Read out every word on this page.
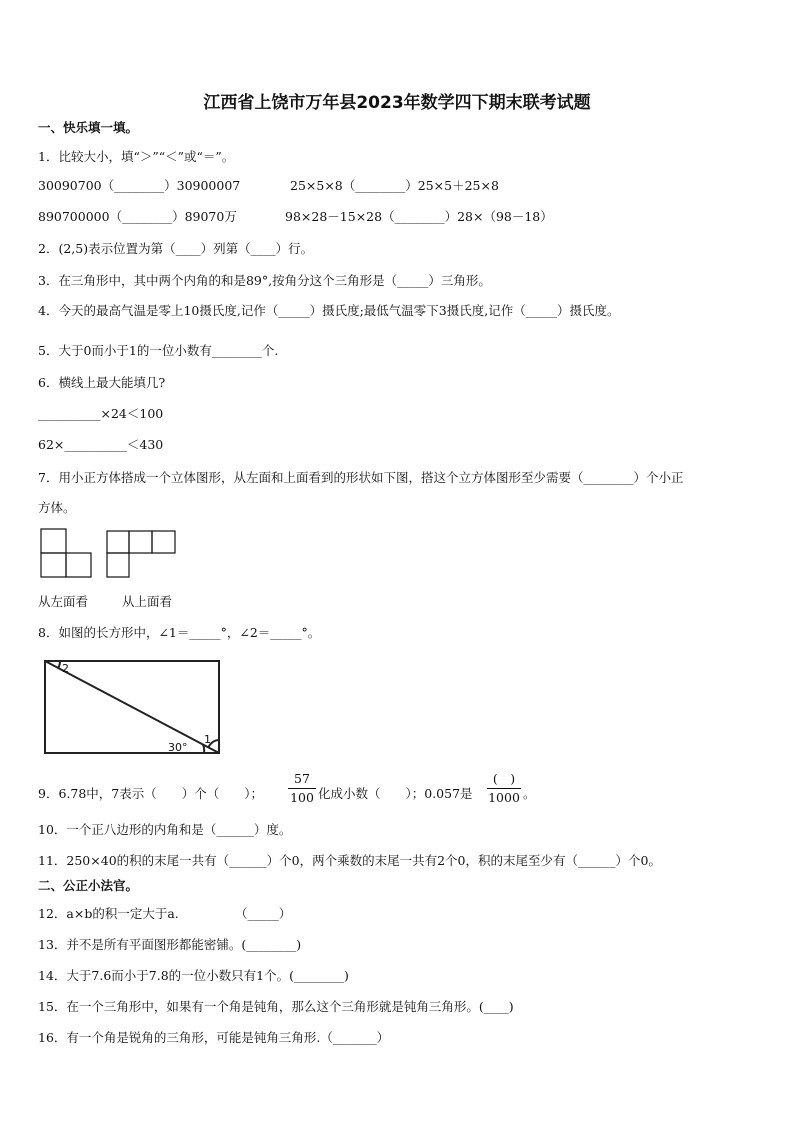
江西省上饶市万年县2023年数学四下期末联考试题
一、快乐填一填。
1．比较大小，填“＞”“＜”或“＝”。
30090700（________）30900007	25×5×8（________）25×5＋25×8
890700000（________）89070万	98×28－15×28（________）28×（98－18）
2．(2,5)表示位置为第（____）列第（____）行。
3．在三角形中，其中两个内角的和是89°,按角分这个三角形是（_____）三角形。
4．今天的最高气温是零上10摄氏度,记作（_____）摄氏度;最低气温零下3摄氏度,记作（_____）摄氏度。
5．大于0而小于1的一位小数有________个.
6．横线上最大能填几?
__________×24＜100
62×__________＜430
7．用小正方体搭成一个立体图形，从左面和上面看到的形状如下图，搭这个立方体图形至少需要（________）个小正
方体。
从左面看	从上面看
8．如图的长方形中，∠1＝_____°，∠2＝_____°。
2
1
30°
9．6.78中，7表示（　　）个（　　）；
57
100 化成小数（　　）；0.057是
(　)
1000 。
10．一个正八边形的内角和是（______）度。
11．250×40的积的末尾一共有（______）个0，两个乘数的末尾一共有2个0，积的末尾至少有（______）个0。
二、公正小法官。
12．a×b的积一定大于a.　　　　　（_____）
13．并不是所有平面图形都能密铺。(________)
14．大于7.6而小于7.8的一位小数只有1个。(________)
15．在一个三角形中，如果有一个角是钝角，那么这个三角形就是钝角三角形。(____)
16．有一个角是锐角的三角形，可能是钝角三角形.（_______）
